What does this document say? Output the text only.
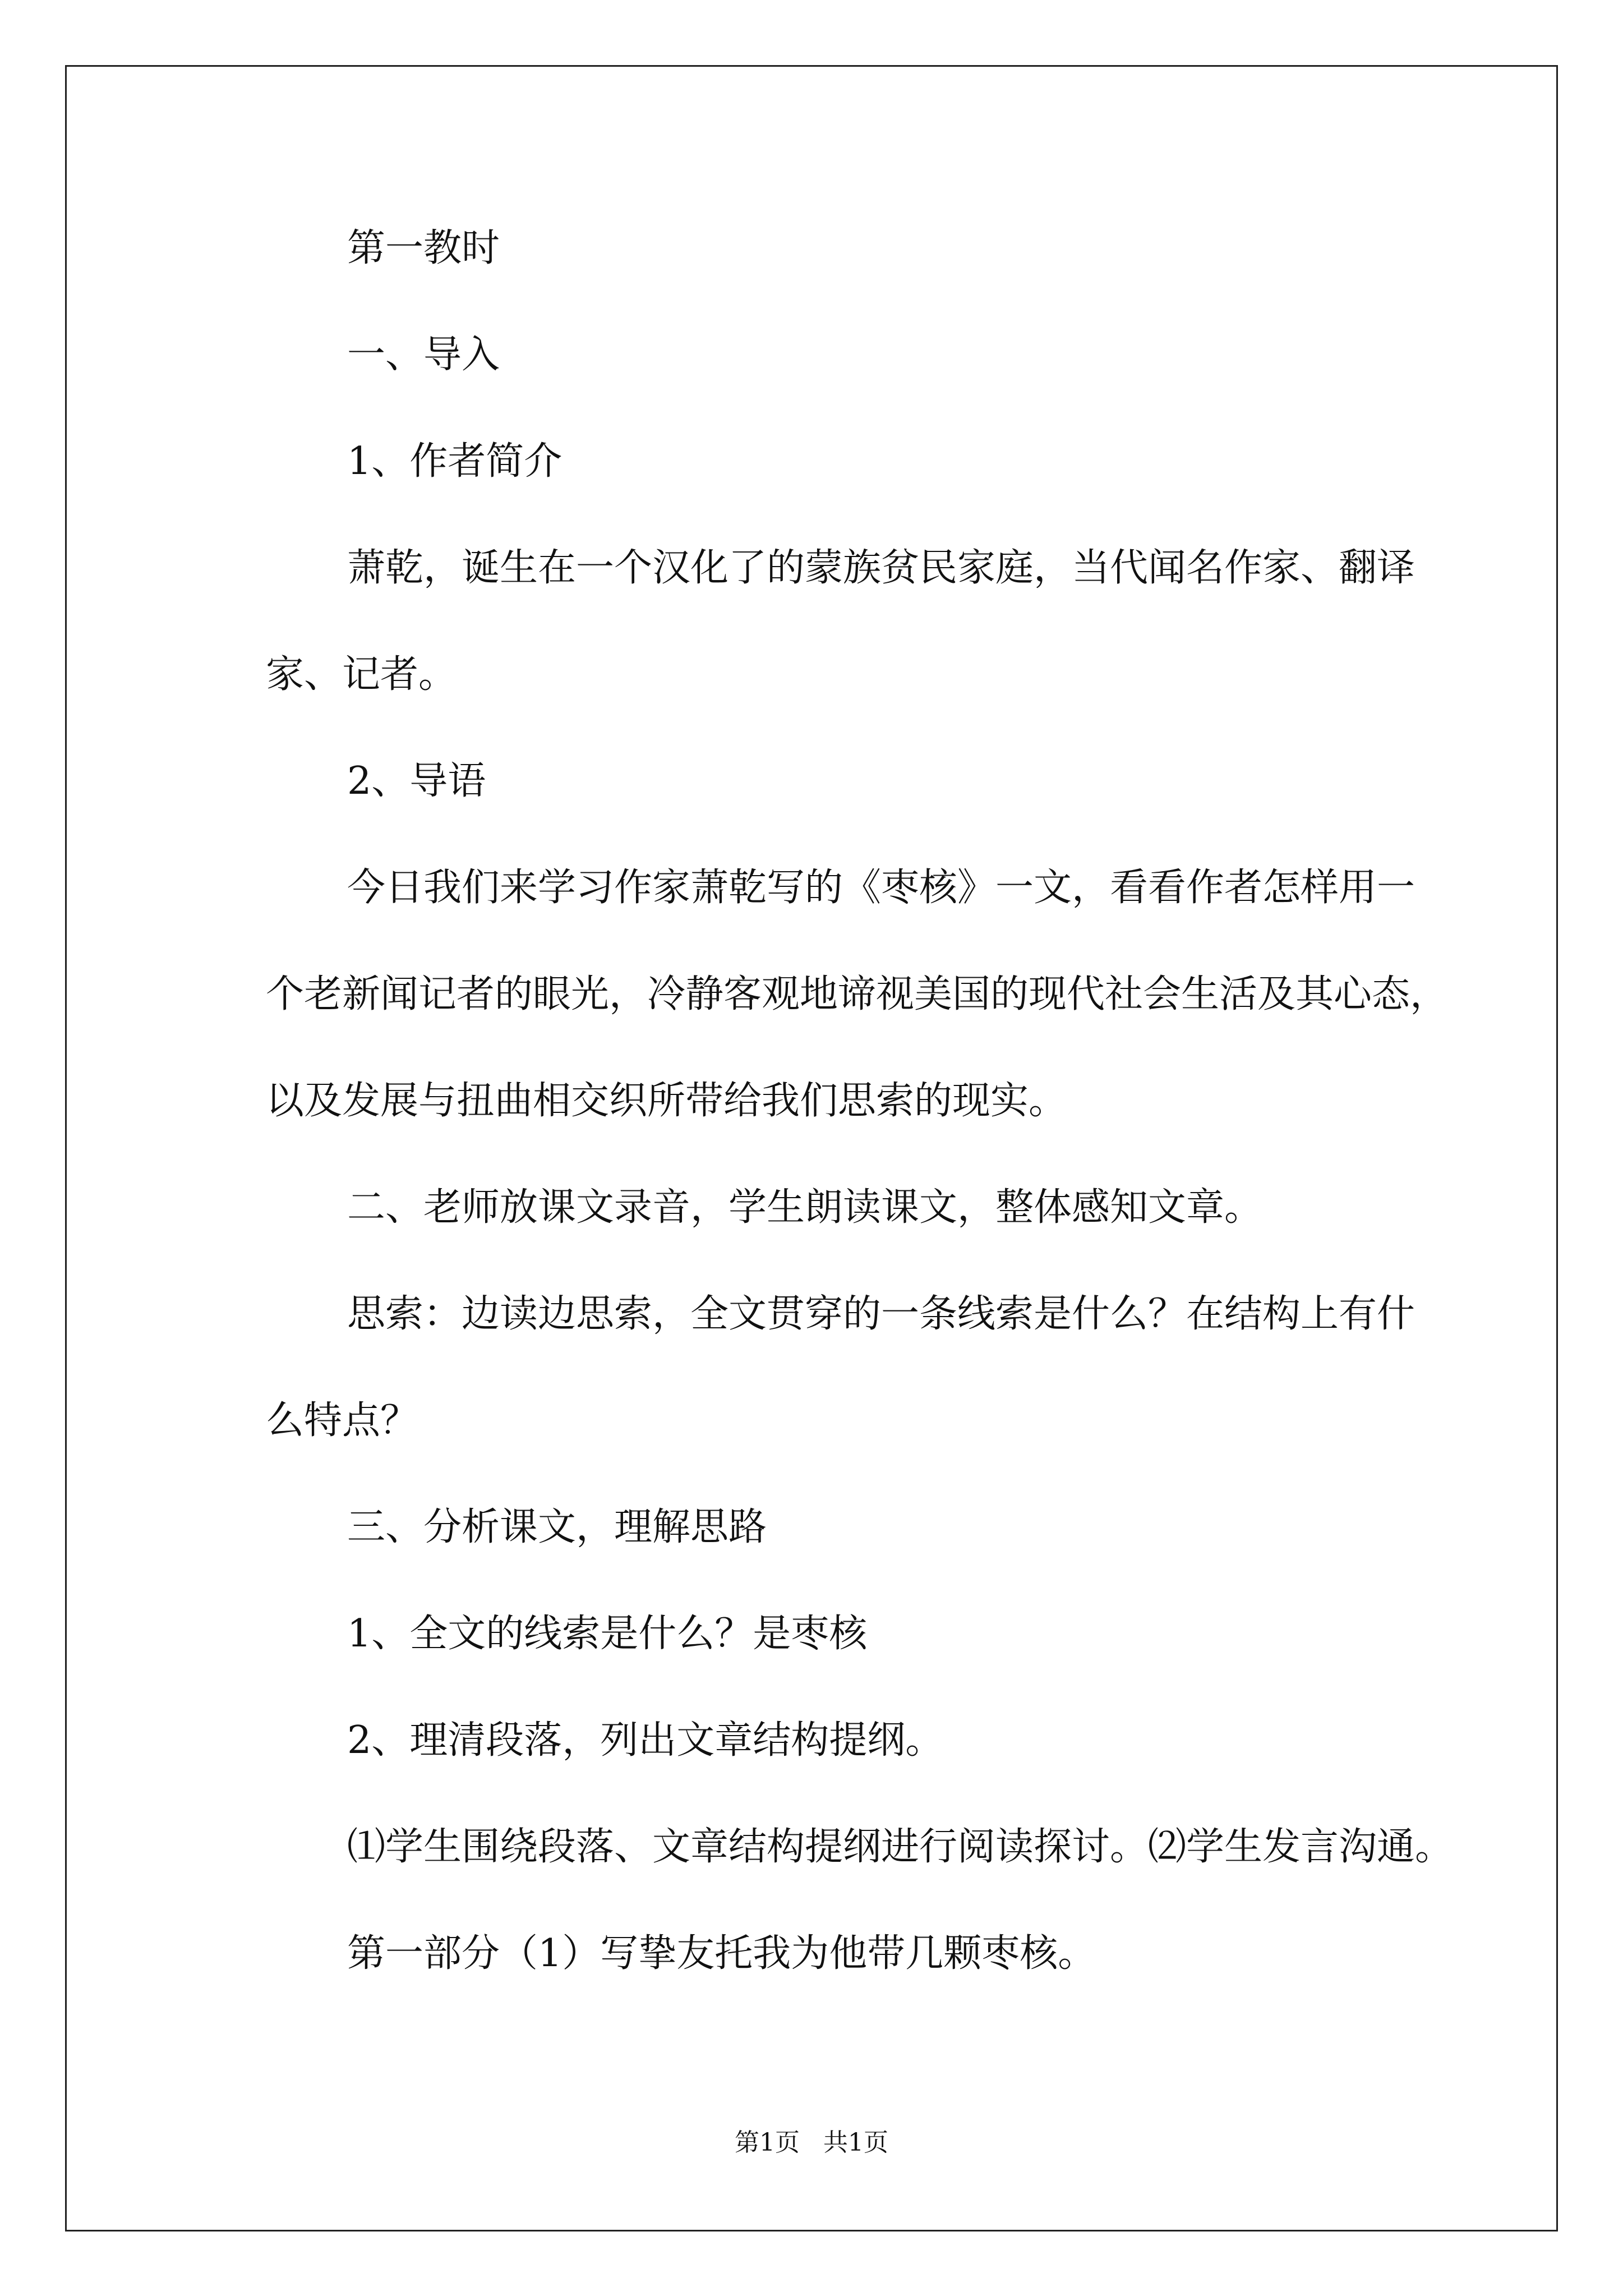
第一教时
一、导入
1、作者简介
萧乾，诞生在一个汉化了的蒙族贫民家庭，当代闻名作家、翻译
家、记者。
2、导语
今日我们来学习作家萧乾写的《枣核》一文，看看作者怎样用一
个老新闻记者的眼光，冷静客观地谛视美国的现代社会生活及其心态，
以及发展与扭曲相交织所带给我们思索的现实。
二、老师放课文录音，学生朗读课文，整体感知文章。
思索：边读边思索，全文贯穿的一条线索是什么？在结构上有什
么特点？
三、分析课文，理解思路
1、全文的线索是什么？是枣核
2、理清段落，列出文章结构提纲。
⑴学生围绕段落、文章结构提纲进行阅读探讨。⑵学生发言沟通。
第一部分（1）写挚友托我为他带几颗枣核。
第1页 共1页
